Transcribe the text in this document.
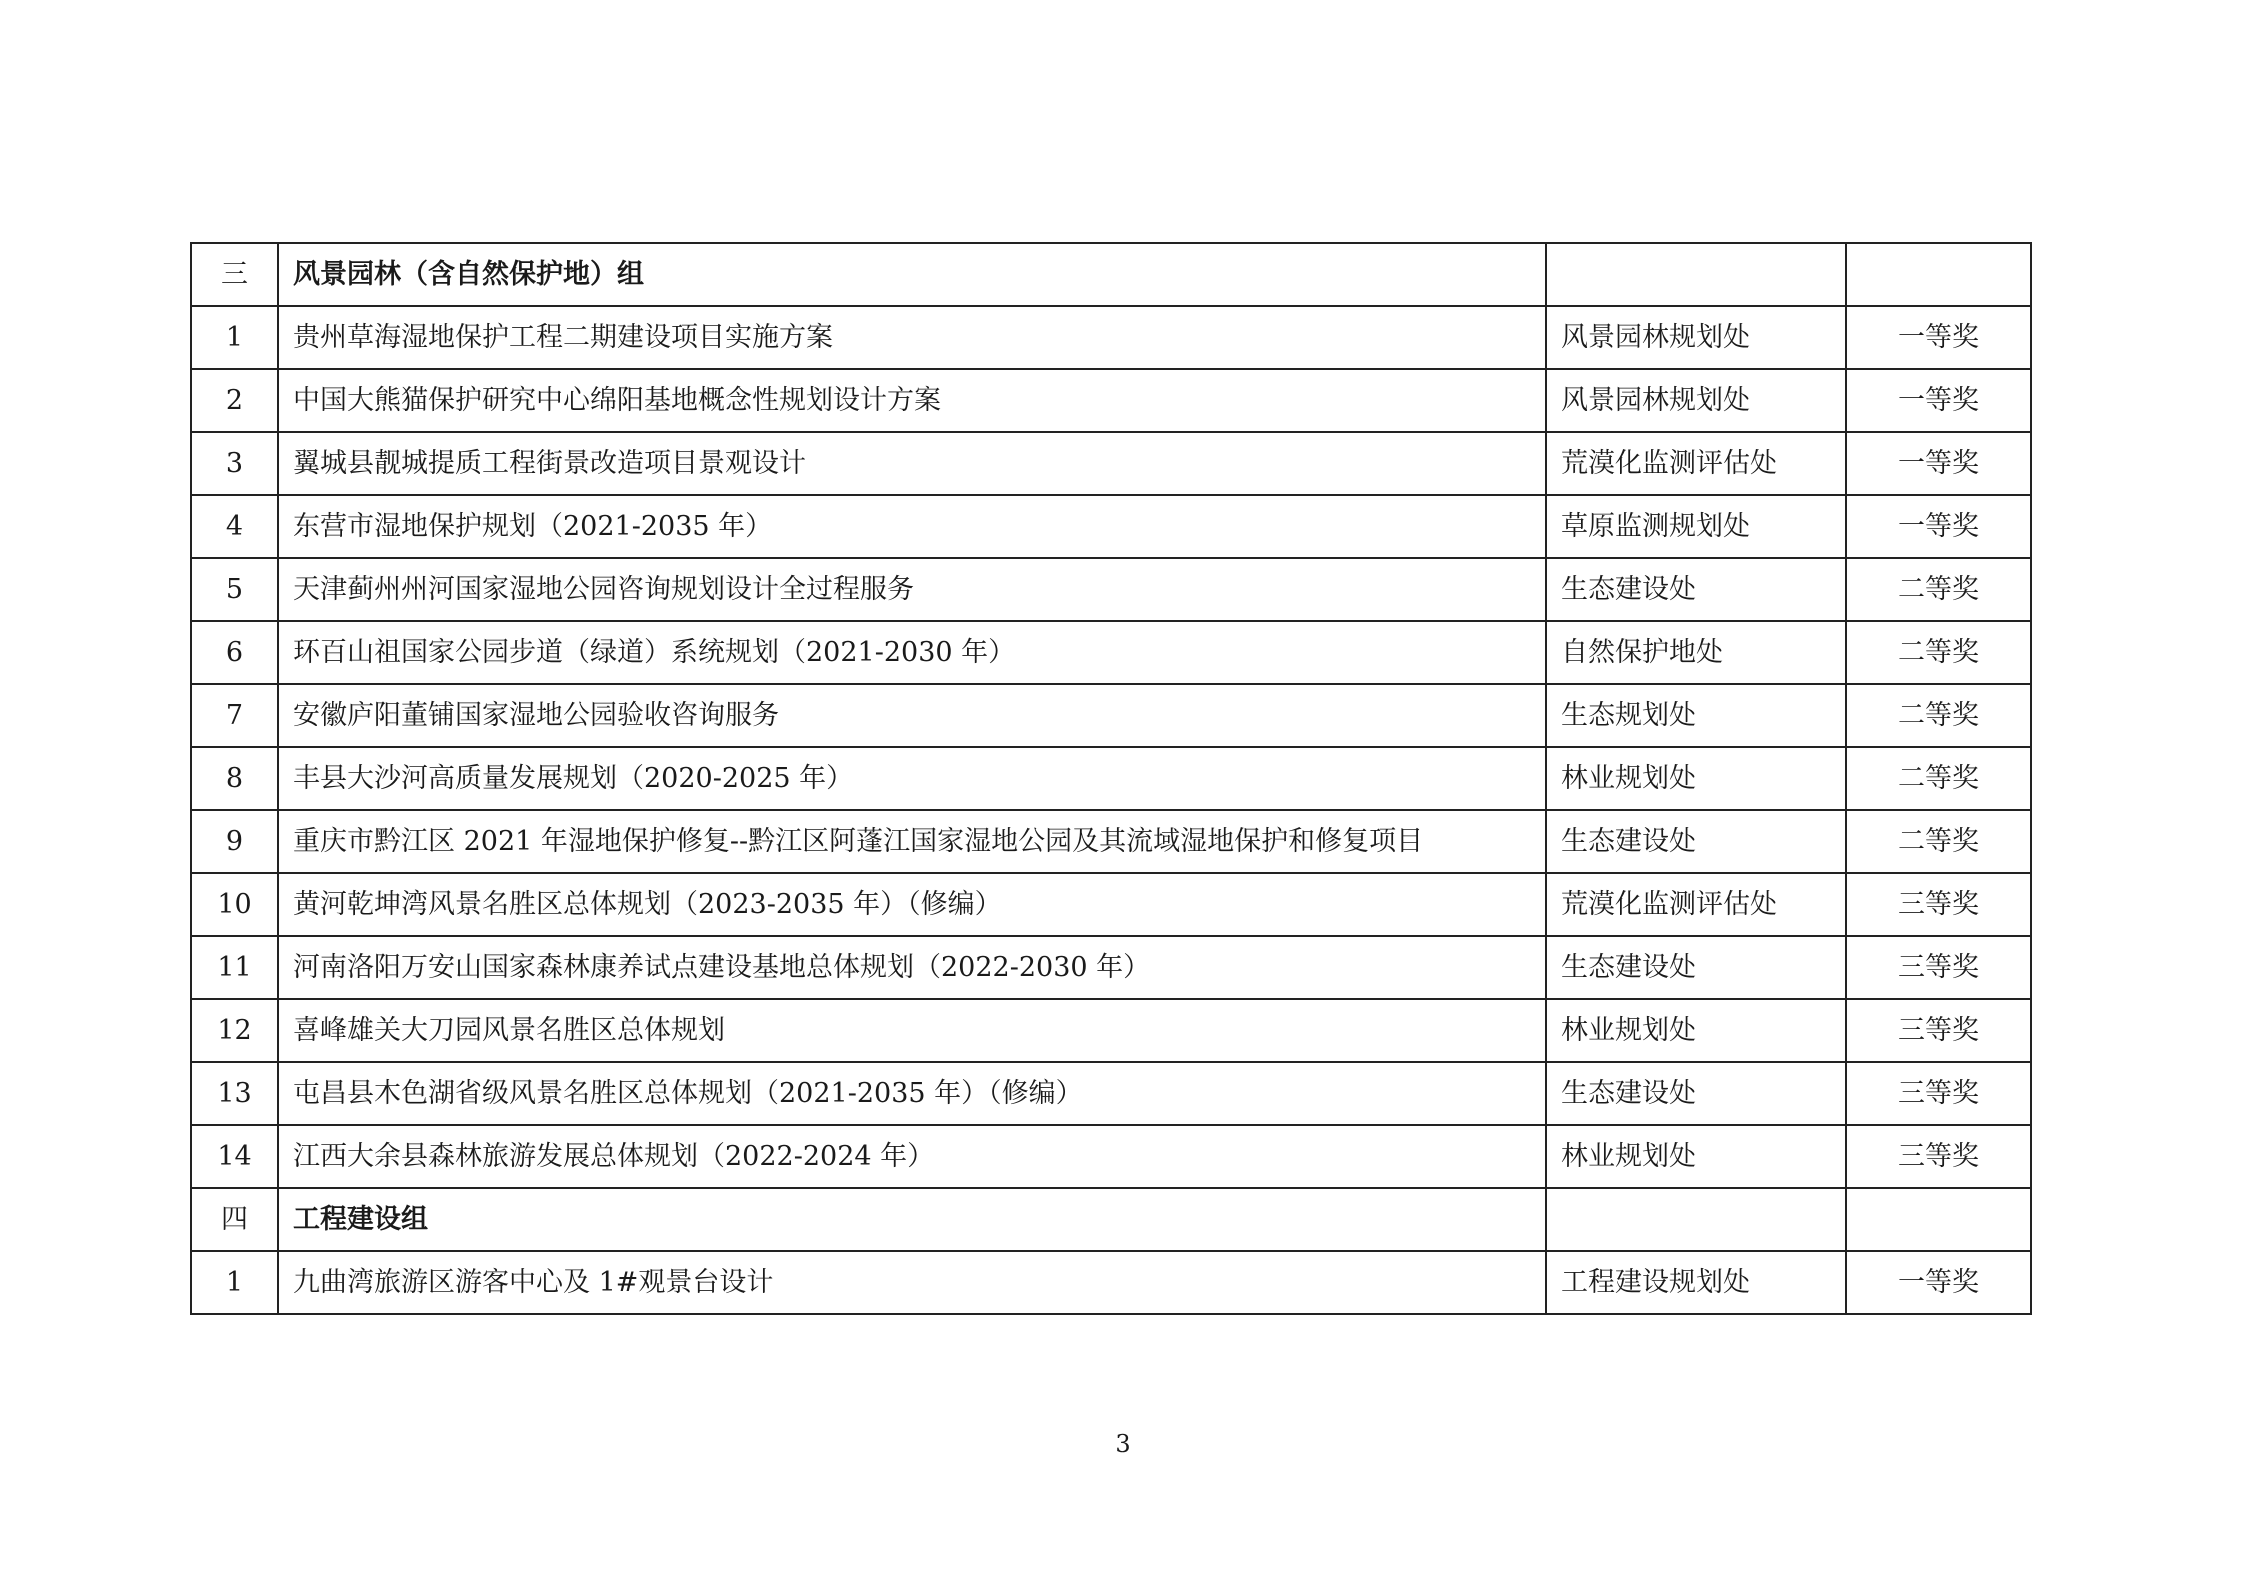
三	风景园林（含自然保护地）组		
1	贵州草海湿地保护工程二期建设项目实施方案	风景园林规划处	一等奖
2	中国大熊猫保护研究中心绵阳基地概念性规划设计方案	风景园林规划处	一等奖
3	翼城县靓城提质工程街景改造项目景观设计	荒漠化监测评估处	一等奖
4	东营市湿地保护规划（2021-2035 年）	草原监测规划处	一等奖
5	天津蓟州州河国家湿地公园咨询规划设计全过程服务	生态建设处	二等奖
6	环百山祖国家公园步道（绿道）系统规划（2021-2030 年）	自然保护地处	二等奖
7	安徽庐阳董铺国家湿地公园验收咨询服务	生态规划处	二等奖
8	丰县大沙河高质量发展规划（2020-2025 年）	林业规划处	二等奖
9	重庆市黔江区 2021 年湿地保护修复--黔江区阿蓬江国家湿地公园及其流域湿地保护和修复项目	生态建设处	二等奖
10	黄河乾坤湾风景名胜区总体规划（2023-2035 年）（修编）	荒漠化监测评估处	三等奖
11	河南洛阳万安山国家森林康养试点建设基地总体规划（2022-2030 年）	生态建设处	三等奖
12	喜峰雄关大刀园风景名胜区总体规划	林业规划处	三等奖
13	屯昌县木色湖省级风景名胜区总体规划（2021-2035 年）（修编）	生态建设处	三等奖
14	江西大余县森林旅游发展总体规划（2022-2024 年）	林业规划处	三等奖
四	工程建设组		
1	九曲湾旅游区游客中心及 1#观景台设计	工程建设规划处	一等奖
3
